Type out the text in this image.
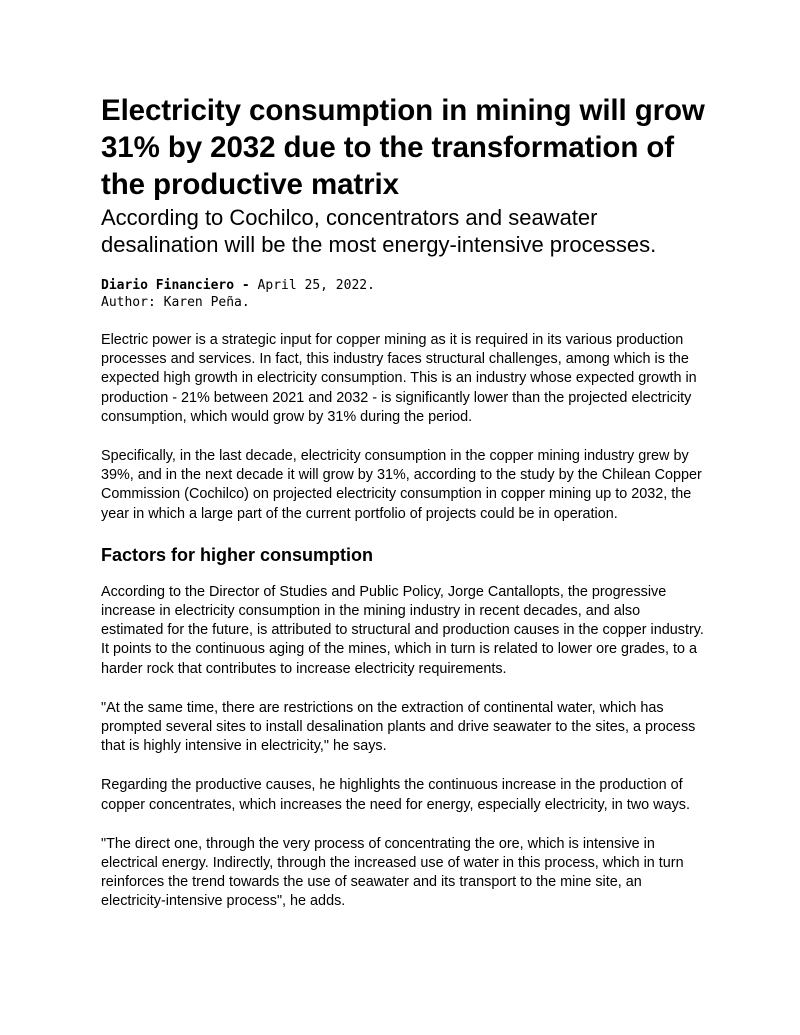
Electricity consumption in mining will grow 31% by 2032 due to the transformation of the productive matrix
According to Cochilco, concentrators and seawater desalination will be the most energy-intensive processes.
Diario Financiero - April 25, 2022.
Author: Karen Peña.

Electric power is a strategic input for copper mining as it is required in its various production processes and services. In fact, this industry faces structural challenges, among which is the expected high growth in electricity consumption. This is an industry whose expected growth in production - 21% between 2021 and 2032 - is significantly lower than the projected electricity consumption, which would grow by 31% during the period.

Specifically, in the last decade, electricity consumption in the copper mining industry grew by 39%, and in the next decade it will grow by 31%, according to the study by the Chilean Copper Commission (Cochilco) on projected electricity consumption in copper mining up to 2032, the year in which a large part of the current portfolio of projects could be in operation.

Factors for higher consumption

According to the Director of Studies and Public Policy, Jorge Cantallopts, the progressive increase in electricity consumption in the mining industry in recent decades, and also estimated for the future, is attributed to structural and production causes in the copper industry. It points to the continuous aging of the mines, which in turn is related to lower ore grades, to a harder rock that contributes to increase electricity requirements.

"At the same time, there are restrictions on the extraction of continental water, which has prompted several sites to install desalination plants and drive seawater to the sites, a process that is highly intensive in electricity," he says.

Regarding the productive causes, he highlights the continuous increase in the production of copper concentrates, which increases the need for energy, especially electricity, in two ways.

"The direct one, through the very process of concentrating the ore, which is intensive in electrical energy. Indirectly, through the increased use of water in this process, which in turn reinforces the trend towards the use of seawater and its transport to the mine site, an electricity-intensive process", he adds.
